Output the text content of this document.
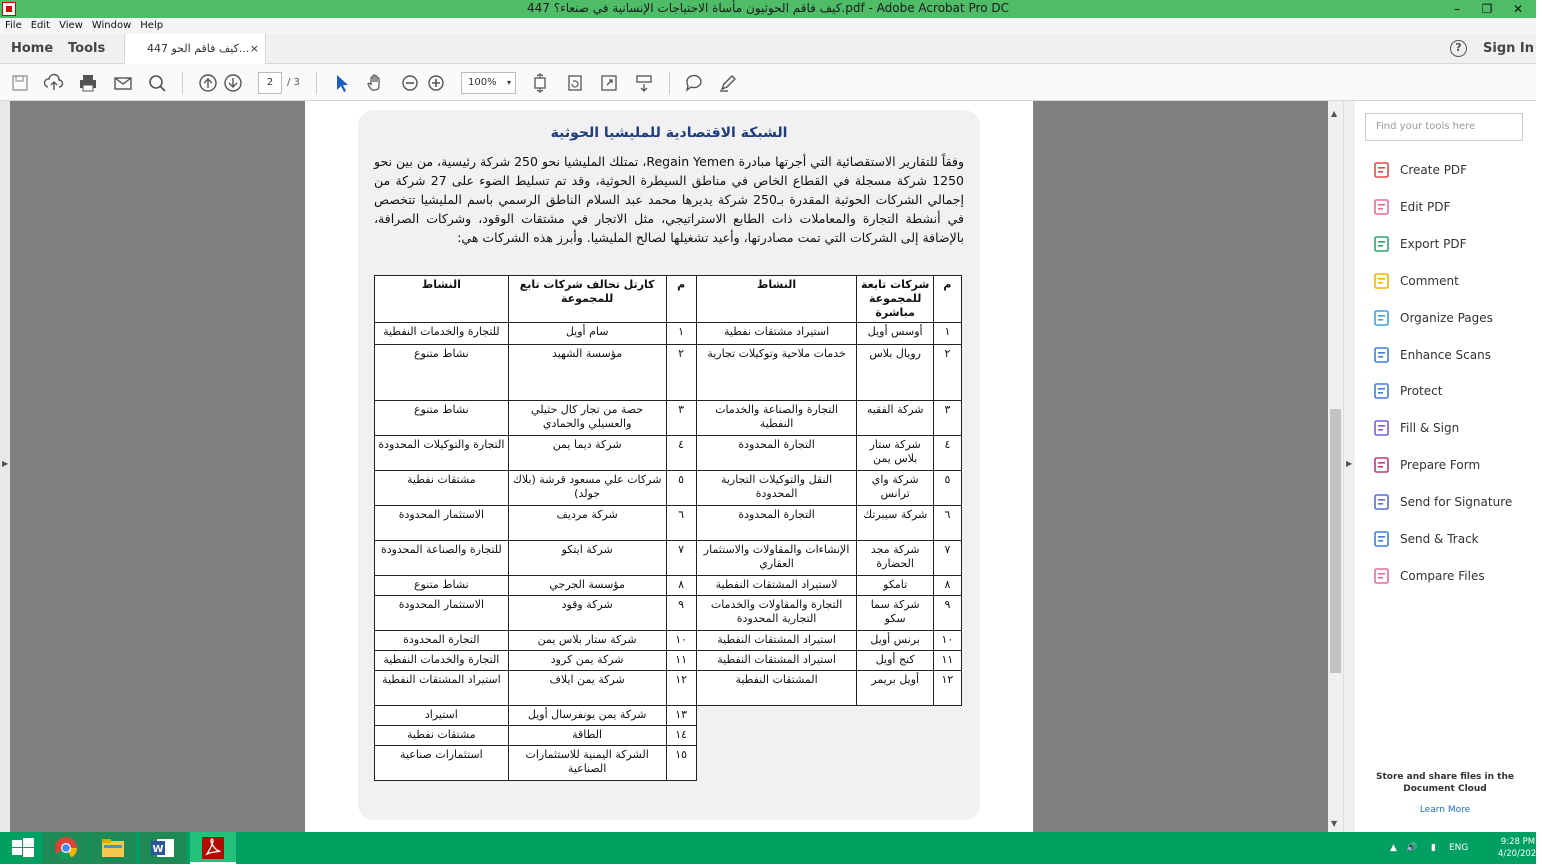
447 كيف فاقم الحوثيون مأساة الاحتياجات الإنسانية في صنعاء؟.pdf - Adobe Acrobat Pro DC	–	❐	✕
File Edit View Window Help
Home Tools	447 كيف فاقم الحو... ×	?	Sign In
2	/ 3	100% ▾
▶
الشبكة الاقتصادية للمليشيا الحوثية
وفقاً للتقارير الاستقصائية التي أجرتها مبادرة Regain Yemen، تمتلك المليشيا نحو 250 شركة رئيسية، من بين نحو 1250 شركة مسجلة في القطاع الخاص في مناطق السيطرة الحوثية، وقد تم تسليط الضوء على 27 شركة من إجمالي الشركات الحوثية المقدرة بـ250 شركة يديرها محمد عبد السلام الناطق الرسمي باسم المليشيا تتخصص في أنشطة التجارة والمعاملات ذات الطابع الاستراتيجي، مثل الاتجار في مشتقات الوقود، وشركات الصرافة، بالإضافة إلى الشركات التي تمت مصادرتها، وأعيد تشغيلها لصالح المليشيا. وأبرز هذه الشركات هي:
م	شركات تابعة للمجموعة مباشرة	النشاط	م	كارتل تحالف شركات تابع للمجموعة	النشاط
١	أوسس أويل	استيراد مشتقات نفطية	١	سام أويل	للتجارة والخدمات النفطية
٢	رويال بلاس	خدمات ملاحية وتوكيلات تجارية	٢	مؤسسة الشهيد	نشاط متنوع
٣	شركة الفقيه	التجارة والصناعة والخدمات النفطية	٣	حصة من تجار كال حثيلي والعسيلي والحمادي	نشاط متنوع
٤	شركة ستار بلاس يمن	التجارة المحدودة	٤	شركة ديما يمن	التجارة والتوكيلات المحدودة
٥	شركة واي ترانس	النقل والتوكيلات التجارية المحدودة	٥	شركات علي مسعود قرشة (بلاك جولد)	مشتقات نفطية
٦	شركة سيبرتك	التجارة المحدودة	٦	شركة مرديف	الاستثمار المحدودة
٧	شركة مجد الحضارة	الإنشاءات والمقاولات والاستثمار العقاري	٧	شركة ايتكو	للتجارة والصناعة المحدودة
٨	تامكو	لاستيراد المشتقات النفطية	٨	مؤسسة الجرجي	نشاط متنوع
٩	شركة سما سكو	التجارة والمقاولات والخدمات التجارية المحدودة	٩	شركة وقود	الاستثمار المحدودة
١٠	برنس أويل	استيراد المشتقات النفطية	١٠	شركة ستار بلاس يمن	التجارة المحدودة
١١	كنج أويل	استيراد المشتقات النفطية	١١	شركة يمن كرود	التجارة والخدمات النفطية
١٢	أويل بريمر	المشتقات النفطية	١٢	شركة يمن ايلاف	استيراد المشتقات النفطية
			١٣	شركة يمن يونفرسال أويل	استيراد
			١٤	الطاقة	مشتقات نفطية
			١٥	الشركة اليمنية للاستثمارات الصناعية	استثمارات صناعية
▲
▼
▶
Find your tools here
Create PDF
Edit PDF
Export PDF
Comment
Organize Pages
Enhance Scans
Protect
Fill & Sign
Prepare Form
Send for Signature
Send & Track
Compare Files
Store and share files in the Document Cloud
Learn More
W	▲ 🔊 ▮ ENG
9:28 PM
4/20/2023
